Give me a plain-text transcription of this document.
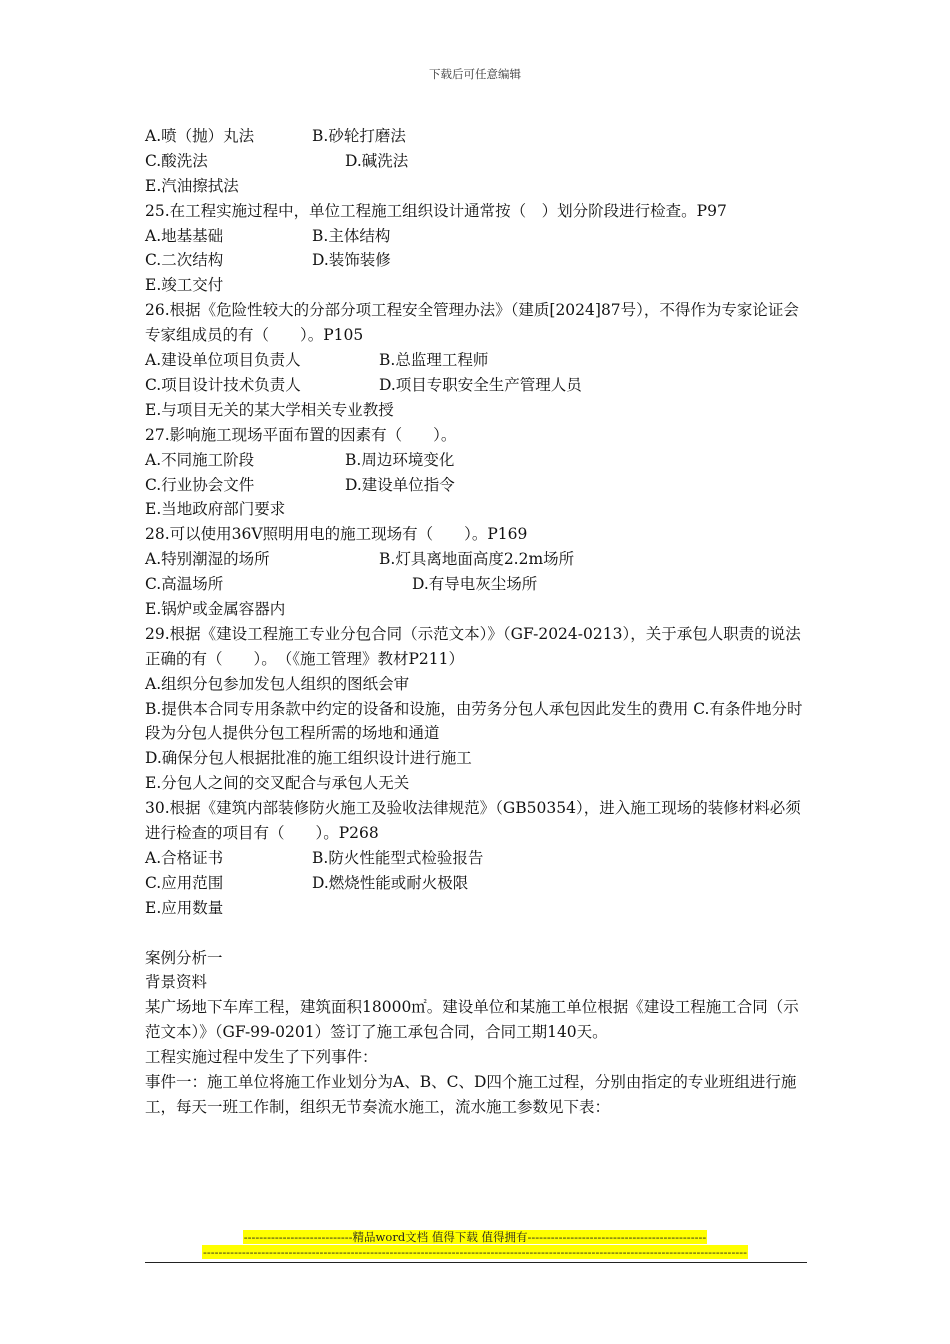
下载后可任意编辑
A.喷（抛）丸法	B.砂轮打磨法
C.酸洗法	D.碱洗法
E.汽油擦拭法
25.在工程实施过程中，单位工程施工组织设计通常按（　）划分阶段进行检查。P97
A.地基基础	B.主体结构
C.二次结构	D.装饰装修
E.竣工交付
26.根据《危险性较大的分部分项工程安全管理办法》（建质[2024]87号），不得作为专家论证会专家组成员的有（　　）。P105
A.建设单位项目负责人	B.总监理工程师
C.项目设计技术负责人	D.项目专职安全生产管理人员
E.与项目无关的某大学相关专业教授
27.影响施工现场平面布置的因素有（　　）。
A.不同施工阶段	B.周边环境变化
C.行业协会文件	D.建设单位指令
E.当地政府部门要求
28.可以使用36V照明用电的施工现场有（　　）。P169
A.特别潮湿的场所	B.灯具离地面高度2.2m场所
C.高温场所	D.有导电灰尘场所
E.锅炉或金属容器内
29.根据《建设工程施工专业分包合同（示范文本）》（GF-2024-0213），关于承包人职责的说法正确的有（　　）。　（《施工管理》教材P211）
A.组织分包参加发包人组织的图纸会审
B.提供本合同专用条款中约定的设备和设施，由劳务分包人承包因此发生的费用 C.有条件地分时段为分包人提供分包工程所需的场地和通道
D.确保分包人根据批准的施工组织设计进行施工
E.分包人之间的交叉配合与承包人无关
30.根据《建筑内部装修防火施工及验收法律规范》（GB50354），进入施工现场的装修材料必须进行检查的项目有（　　）。P268
A.合格证书	B.防火性能型式检验报告
C.应用范围	D.燃烧性能或耐火极限
E.应用数量
案例分析一
背景资料
某广场地下车库工程，建筑面积18000㎡。建设单位和某施工单位根据《建设工程施工合同（示范文本）》（GF-99-0201）签订了施工承包合同，合同工期140天。
工程实施过程中发生了下列事件：
事件一：施工单位将施工作业划分为A、B、C、D四个施工过程，分别由指定的专业班组进行施工，每天一班工作制，组织无节奏流水施工，流水施工参数见下表：
----------------------------精品word文档 值得下载 值得拥有----------------------------------------------
--------------------------------------------------------------------------------------------------------------------------------------------
